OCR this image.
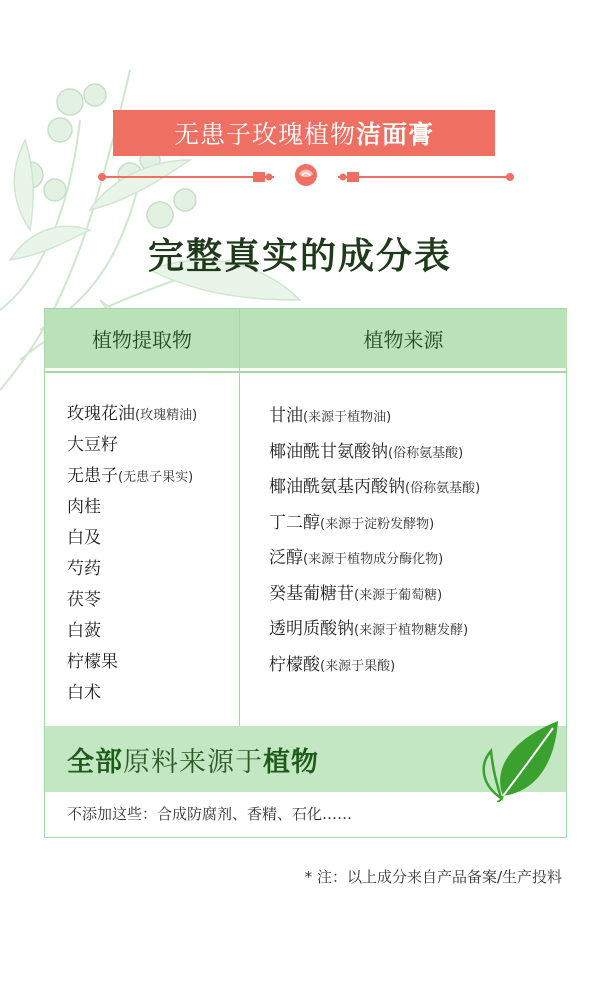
无患子玫瑰植物 洁面膏
完整真实的成分表
植物提取物	植物来源
玫瑰花油(玫瑰精油)
大豆籽
无患子(无患子果实)
肉桂
白及
芍药
茯苓
白蔹
柠檬果
白术
甘油(来源于植物油)
椰油酰甘氨酸钠(俗称氨基酸)
椰油酰氨基丙酸钠(俗称氨基酸)
丁二醇(来源于淀粉发酵物)
泛醇(来源于植物成分酶化物)
癸基葡糖苷(来源于葡萄糖)
透明质酸钠(来源于植物糖发酵)
柠檬酸(来源于果酸)
全部原料来源于植物
不添加这些：合成防腐剂、香精、石化……
* 注：以上成分来自产品备案/生产投料
